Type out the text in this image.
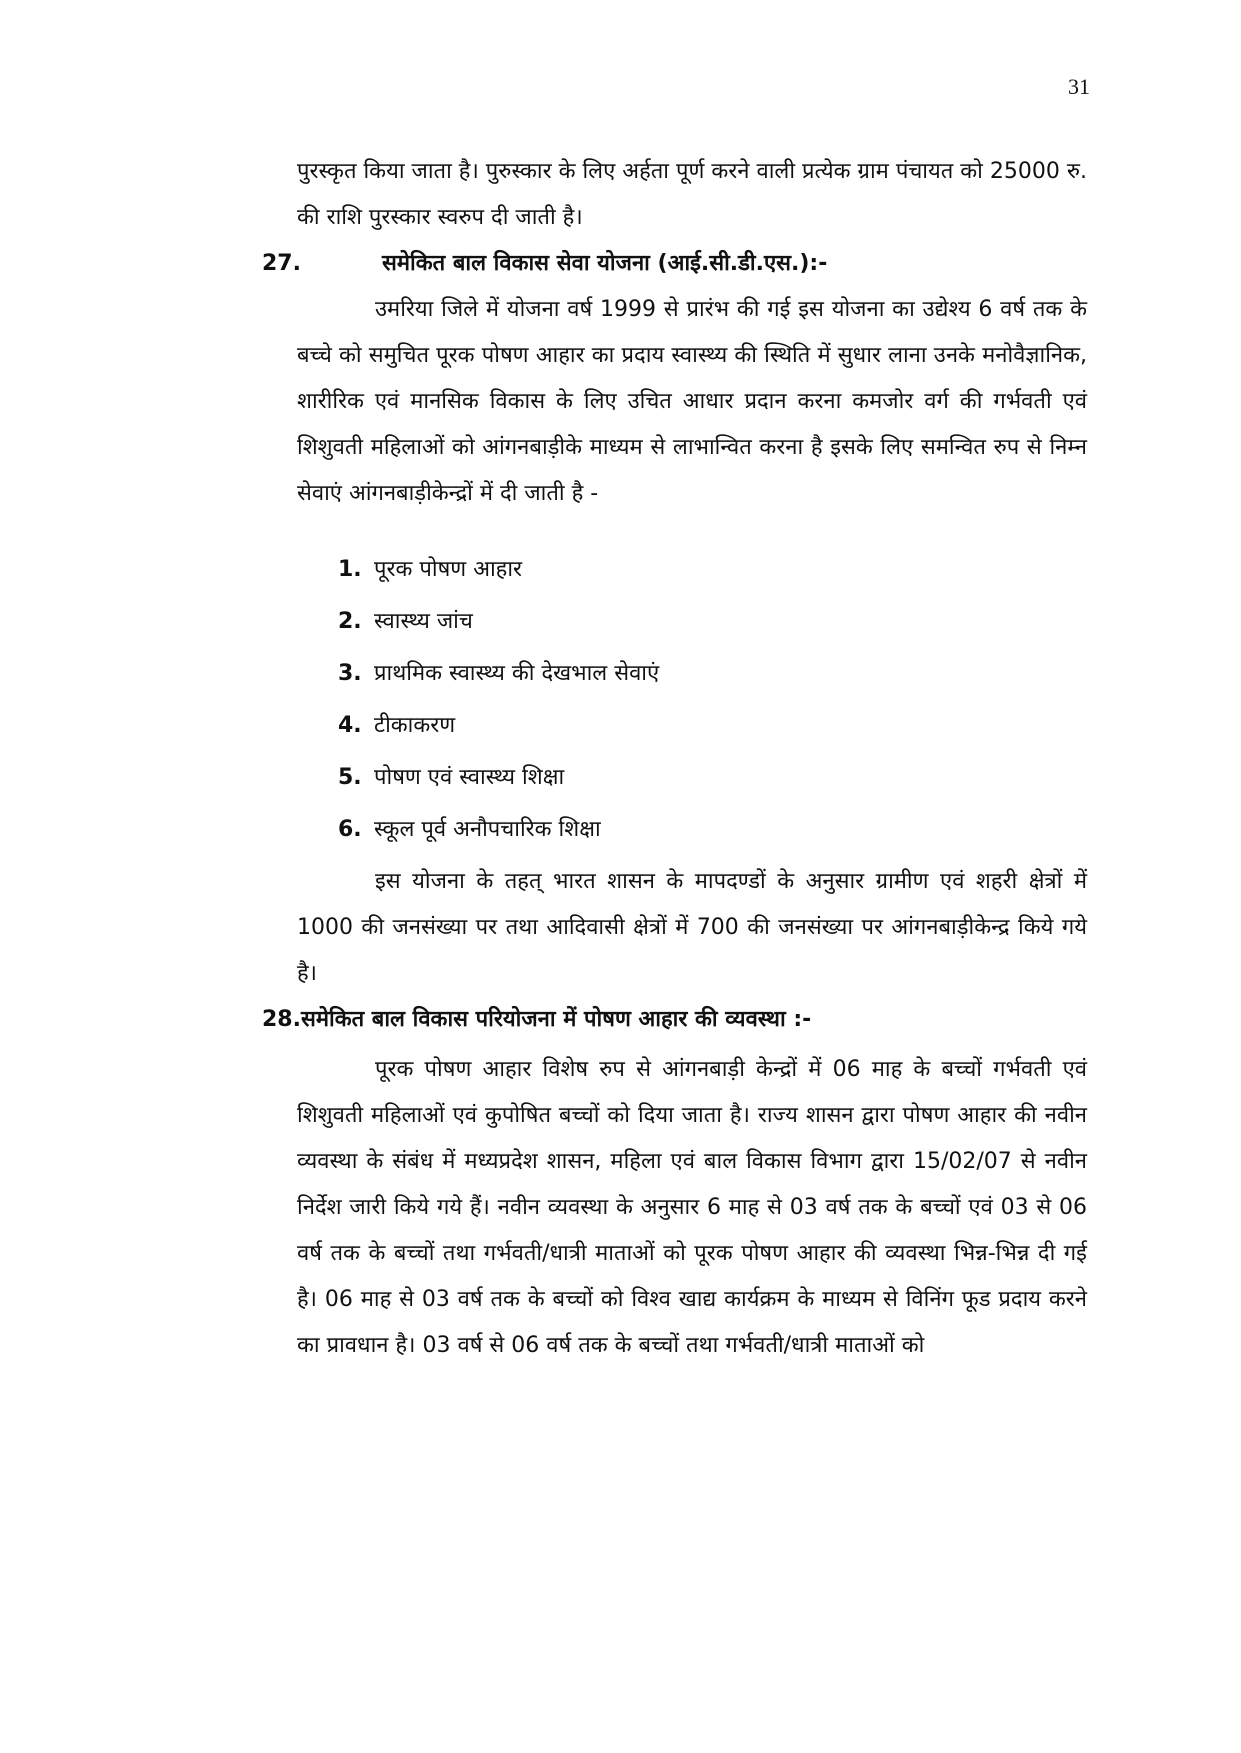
31

पुरस्कृत किया जाता है। पुरुस्कार के लिए अर्हता पूर्ण करने वाली प्रत्येक ग्राम पंचायत को 25000 रु. की राशि पुरस्कार स्वरुप दी जाती है।

27.	समेकित बाल विकास सेवा योजना (आई.सी.डी.एस.):-

उमरिया जिले में योजना वर्ष 1999 से प्रारंभ की गई इस योजना का उद्येश्य 6 वर्ष तक के बच्चे को समुचित पूरक पोषण आहार का प्रदाय स्वास्थ्य की स्थिति में सुधार लाना उनके मनोवैज्ञानिक, शारीरिक एवं मानसिक विकास के लिए उचित आधार प्रदान करना कमजोर वर्ग की गर्भवती एवं शिशुवती महिलाओं को आंगनबाड़ीके माध्यम से लाभान्वित करना है इसके लिए समन्वित रुप से निम्न सेवाएं आंगनबाड़ीकेन्द्रों में दी जाती है -

1. पूरक पोषण आहार
2. स्वास्थ्य जांच
3. प्राथमिक स्वास्थ्य की देखभाल सेवाएं
4. टीकाकरण
5. पोषण एवं स्वास्थ्य शिक्षा
6. स्कूल पूर्व अनौपचारिक शिक्षा

इस योजना के तहत् भारत शासन के मापदण्डों के अनुसार ग्रामीण एवं शहरी क्षेत्रों में 1000 की जनसंख्या पर तथा आदिवासी क्षेत्रों में 700 की जनसंख्या पर आंगनबाड़ीकेन्द्र किये गये है।

28.समेकित बाल विकास परियोजना में पोषण आहार की व्यवस्था :-

पूरक पोषण आहार विशेष रुप से आंगनबाड़ी केन्द्रों में 06 माह के बच्चों गर्भवती एवं शिशुवती महिलाओं एवं कुपोषित बच्चों को दिया जाता है। राज्य शासन द्वारा पोषण आहार की नवीन व्यवस्था के संबंध में मध्यप्रदेश शासन, महिला एवं बाल विकास विभाग द्वारा 15/02/07 से नवीन निर्देश जारी किये गये हैं। नवीन व्यवस्था के अनुसार 6 माह से 03 वर्ष तक के बच्चों एवं 03 से 06 वर्ष तक के बच्चों तथा गर्भवती/धात्री माताओं को पूरक पोषण आहार की व्यवस्था भिन्न-भिन्न दी गई है। 06 माह से 03 वर्ष तक के बच्चों को विश्व खाद्य कार्यक्रम के माध्यम से विनिंग फूड प्रदाय करने का प्रावधान है। 03 वर्ष से 06 वर्ष तक के बच्चों तथा गर्भवती/धात्री माताओं को
